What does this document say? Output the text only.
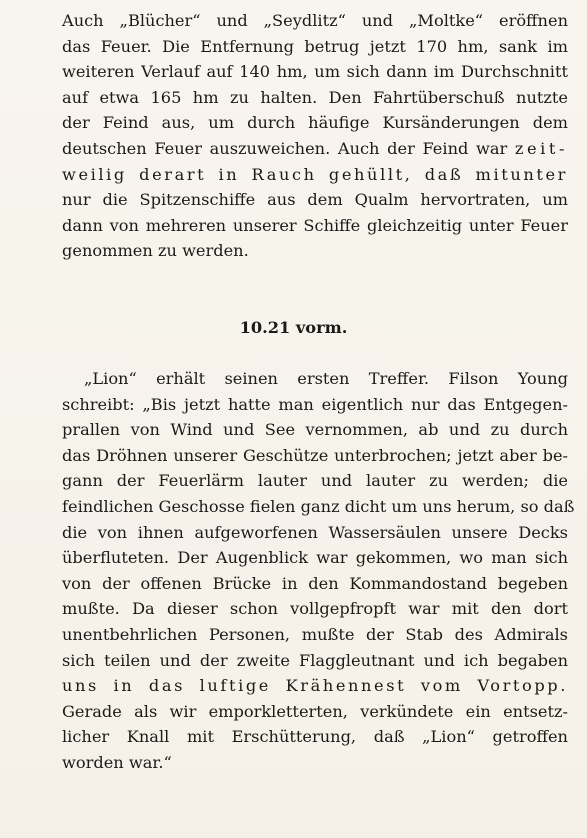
Auch „Blücher“ und „Seydlitz“ und „Moltke“ eröffnen
das Feuer. Die Entfernung betrug jetzt 170 hm, sank im
weiteren Verlauf auf 140 hm, um sich dann im Durchschnitt
auf etwa 165 hm zu halten. Den Fahrtüberschuß nutzte
der Feind aus, um durch häufige Kursänderungen dem
deutschen Feuer auszuweichen. Auch der Feind war zeit-
weilig derart in Rauch gehüllt, daß mitunter
nur die Spitzenschiffe aus dem Qualm hervortraten, um
dann von mehreren unserer Schiffe gleichzeitig unter Feuer
genommen zu werden.
10.21 vorm.
„Lion“ erhält seinen ersten Treffer. Filson Young
schreibt: „Bis jetzt hatte man eigentlich nur das Entgegen-
prallen von Wind und See vernommen, ab und zu durch
das Dröhnen unserer Geschütze unterbrochen; jetzt aber be-
gann der Feuerlärm lauter und lauter zu werden; die
feindlichen Geschosse fielen ganz dicht um uns herum, so daß
die von ihnen aufgeworfenen Wassersäulen unsere Decks
überfluteten. Der Augenblick war gekommen, wo man sich
von der offenen Brücke in den Kommandostand begeben
mußte. Da dieser schon vollgepfropft war mit den dort
unentbehrlichen Personen, mußte der Stab des Admirals
sich teilen und der zweite Flaggleutnant und ich begaben
uns in das luftige Krähennest vom Vortopp.
Gerade als wir emporkletterten, verkündete ein entsetz-
licher Knall mit Erschütterung, daß „Lion“ getroffen
worden war.“
